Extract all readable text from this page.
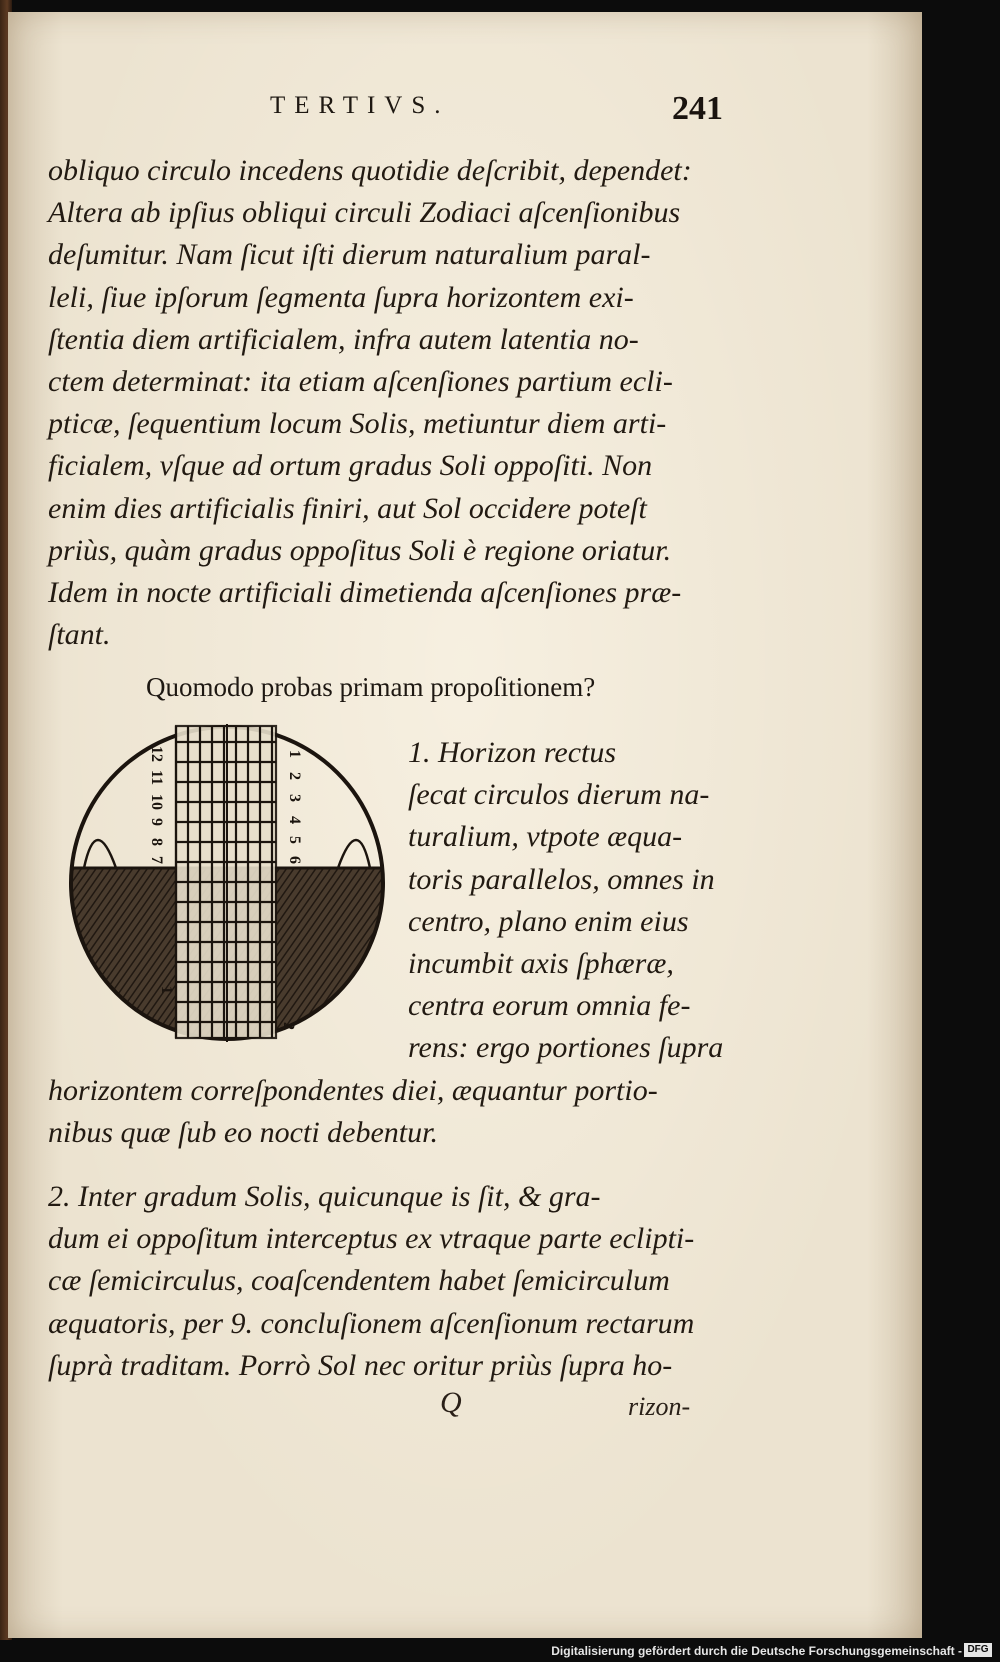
TERTIVS.	241
obliquo circulo incedens quotidie deſcribit, dependet:
Altera ab ipſius obliqui circuli Zodiaci aſcenſionibus
deſumitur. Nam ſicut iſti dierum naturalium paral-
leli, ſiue ipſorum ſegmenta ſupra horizontem exi-
ſtentia diem artificialem, infra autem latentia no-
ctem determinat: ita etiam aſcenſiones partium ecli-
pticæ, ſequentium locum Solis, metiuntur diem arti-
ficialem, vſque ad ortum gradus Soli oppoſiti. Non
enim dies artificialis finiri, aut Sol occidere poteſt
priùs, quàm gradus oppoſitus Soli è regione oriatur.
Idem in nocte artificiali dimetienda aſcenſiones præ-
ſtant.
Quomodo probas primam propoſitionem?
12
11
10
9
8
7
1
2
3
4
5
6
1
2
1. Horizon rectus
ſecat circulos dierum na-
turalium, vtpote æqua-
toris parallelos, omnes in
centro, plano enim eius
incumbit axis ſphæræ,
centra eorum omnia fe-
rens: ergo portiones ſupra
horizontem correſpondentes diei, æquantur portio- nibus quæ ſub eo nocti debentur.
2. Inter gradum Solis, quicunque is ſit, & gra-
dum ei oppoſitum interceptus ex vtraque parte eclipti-
cæ ſemicirculus, coaſcendentem habet ſemicirculum
æquatoris, per 9. concluſionem aſcenſionum rectarum
ſuprà traditam. Porrò Sol nec oritur priùs ſupra ho-
Q	rizon-
Digitalisierung gefördert durch die Deutsche Forschungsgemeinschaft - DFG
